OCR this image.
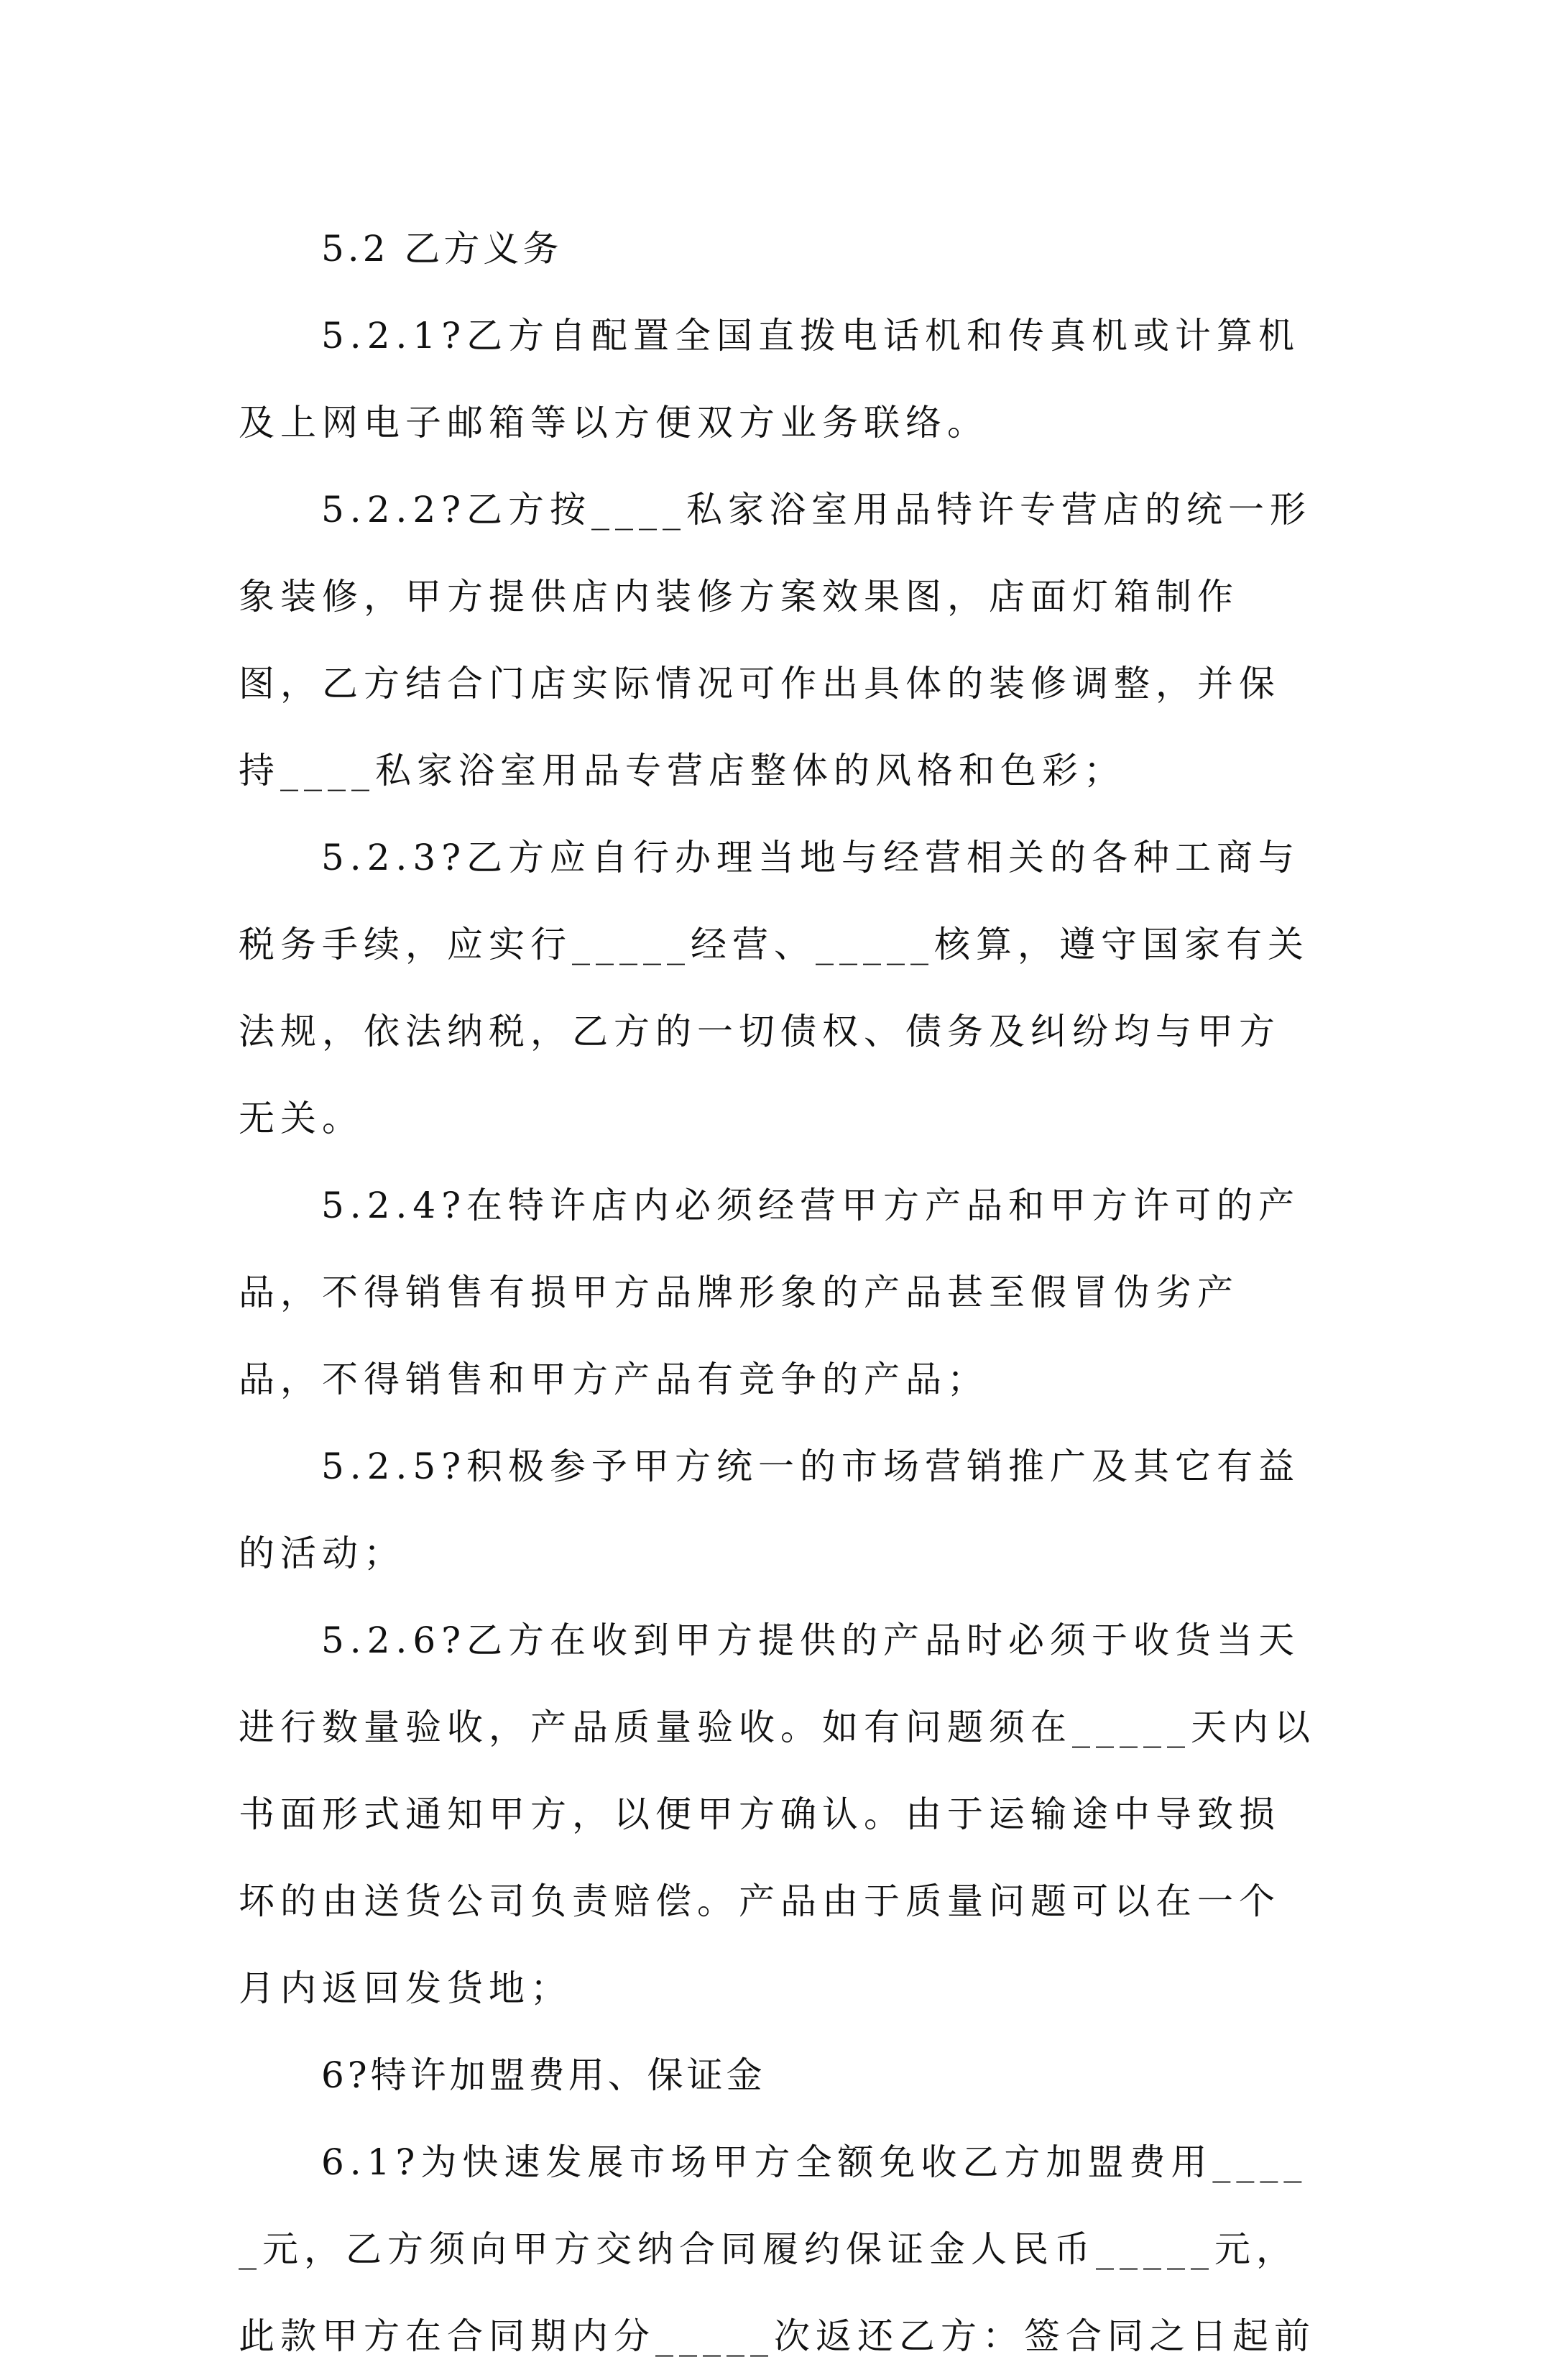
5.2 乙方义务

5.2.1?乙方自配置全国直拨电话机和传真机或计算机及上网电子邮箱等以方便双方业务联络。

5.2.2?乙方按____私家浴室用品特许专营店的统一形象装修，甲方提供店内装修方案效果图，店面灯箱制作图，乙方结合门店实际情况可作出具体的装修调整，并保持____私家浴室用品专营店整体的风格和色彩；

5.2.3?乙方应自行办理当地与经营相关的各种工商与税务手续，应实行_____经营、_____核算，遵守国家有关法规，依法纳税，乙方的一切债权、债务及纠纷均与甲方无关。

5.2.4?在特许店内必须经营甲方产品和甲方许可的产品，不得销售有损甲方品牌形象的产品甚至假冒伪劣产品，不得销售和甲方产品有竞争的产品；

5.2.5?积极参予甲方统一的市场营销推广及其它有益的活动；

5.2.6?乙方在收到甲方提供的产品时必须于收货当天进行数量验收，产品质量验收。如有问题须在_____天内以书面形式通知甲方，以便甲方确认。由于运输途中导致损坏的由送货公司负责赔偿。产品由于质量问题可以在一个月内返回发货地；

6?特许加盟费用、保证金

6.1?为快速发展市场甲方全额免收乙方加盟费用_____元，乙方须向甲方交纳合同履约保证金人民币_____元，此款甲方在合同期内分_____次返还乙方：签合同之日起前
